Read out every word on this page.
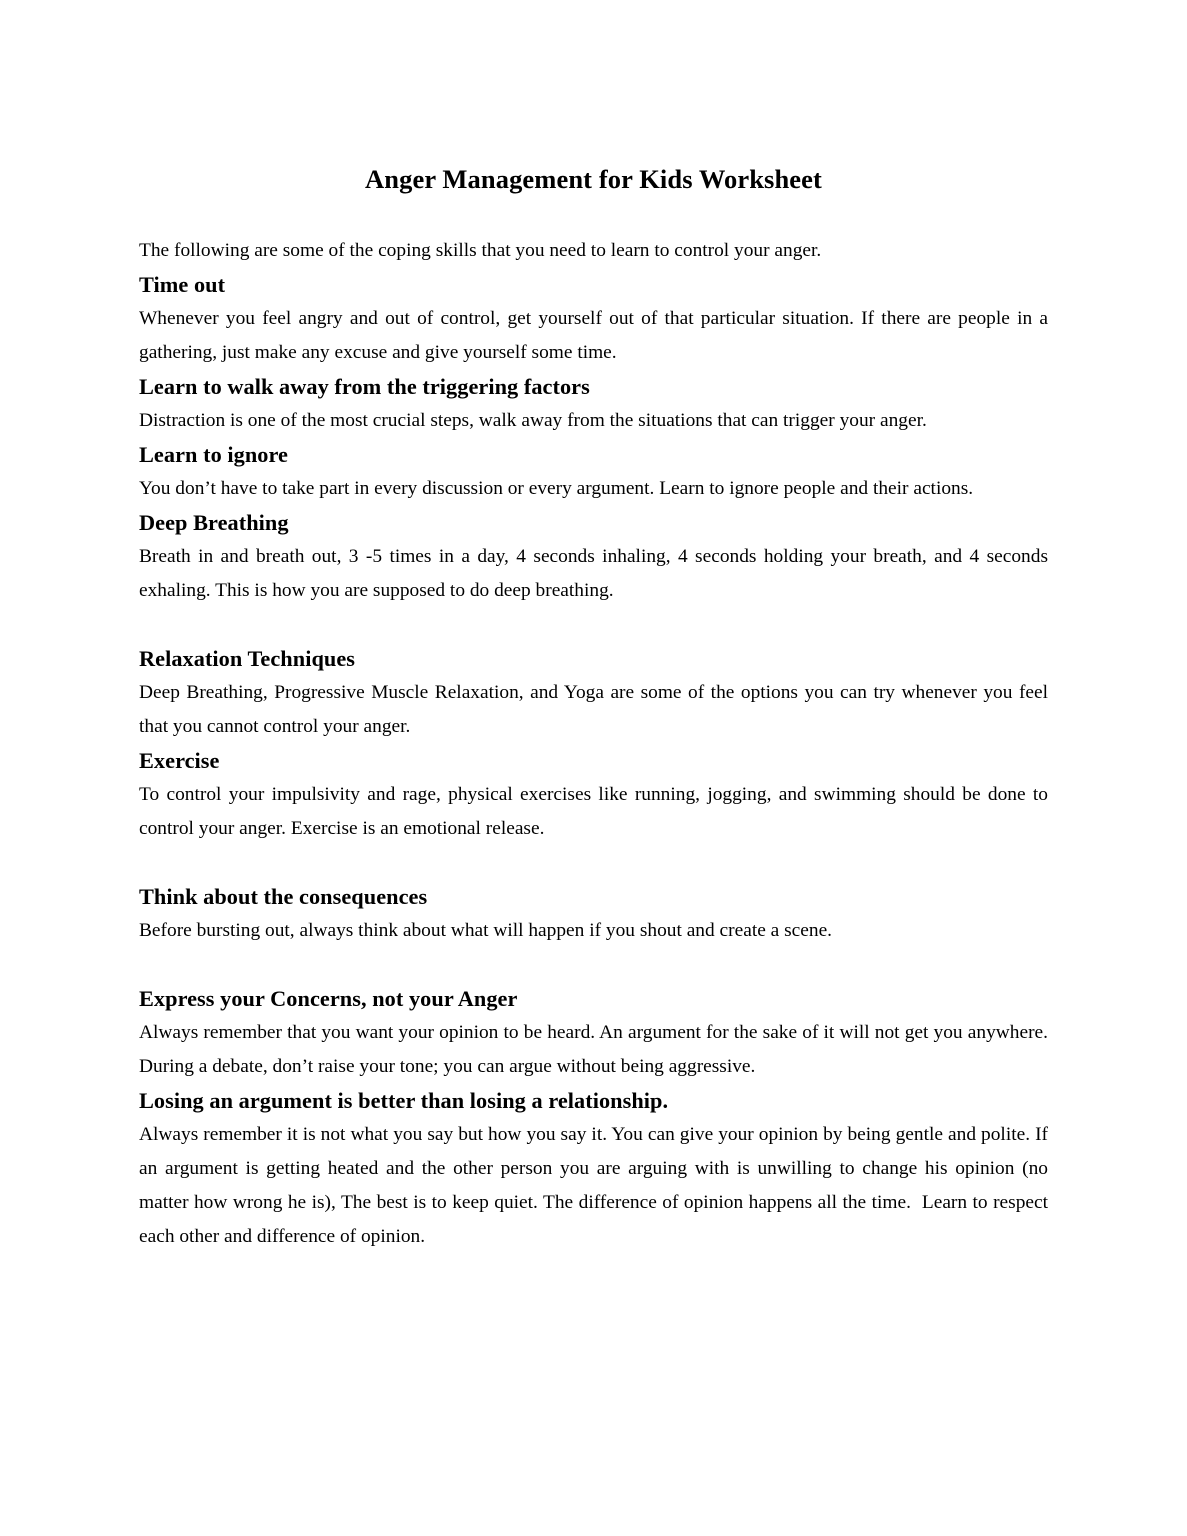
Anger Management for Kids Worksheet

The following are some of the coping skills that you need to learn to control your anger.

Time out

Whenever you feel angry and out of control, get yourself out of that particular situation. If there are people in a gathering, just make any excuse and give yourself some time.

Learn to walk away from the triggering factors

Distraction is one of the most crucial steps, walk away from the situations that can trigger your anger.

Learn to ignore

You don’t have to take part in every discussion or every argument. Learn to ignore people and their actions.

Deep Breathing

Breath in and breath out, 3 -5 times in a day, 4 seconds inhaling, 4 seconds holding your breath, and 4 seconds exhaling. This is how you are supposed to do deep breathing.

Relaxation Techniques

Deep Breathing, Progressive Muscle Relaxation, and Yoga are some of the options you can try whenever you feel that you cannot control your anger.

Exercise

To control your impulsivity and rage, physical exercises like running, jogging, and swimming should be done to control your anger. Exercise is an emotional release.

Think about the consequences

Before bursting out, always think about what will happen if you shout and create a scene.

Express your Concerns, not your Anger

Always remember that you want your opinion to be heard. An argument for the sake of it will not get you anywhere. During a debate, don’t raise your tone; you can argue without being aggressive.

Losing an argument is better than losing a relationship.

Always remember it is not what you say but how you say it. You can give your opinion by being gentle and polite. If an argument is getting heated and the other person you are arguing with is unwilling to change his opinion (no matter how wrong he is), The best is to keep quiet. The difference of opinion happens all the time.  Learn to respect each other and difference of opinion.
